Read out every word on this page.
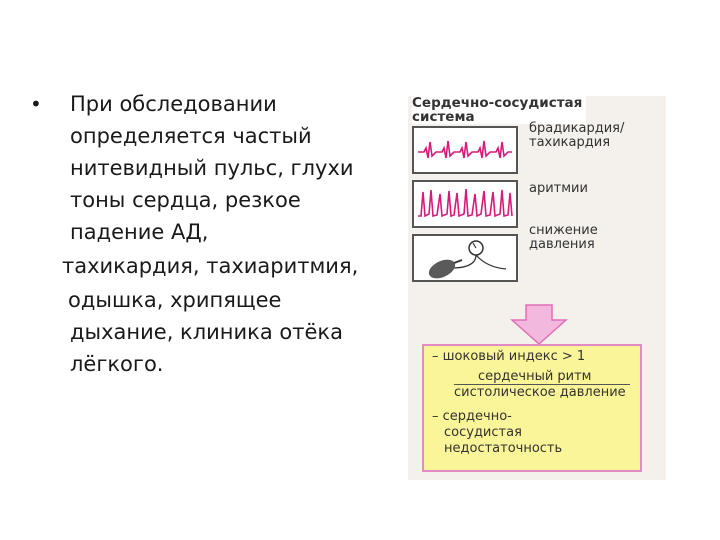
• При обследовании
определяется частый
нитевидный пульс, глухи
тоны сердца, резкое
падение АД,
тахикардия, тахиаритмия,
одышка, хрипящее
дыхание, клиника отёка
лёгкого.
Сердечно-сосудистая
система
брадикардия/
тахикардия
аритмии
снижение
давления
– шоковый индекс > 1
сердечный ритм
систолическое давление
– сердечно-
сосудистая
недостаточность
